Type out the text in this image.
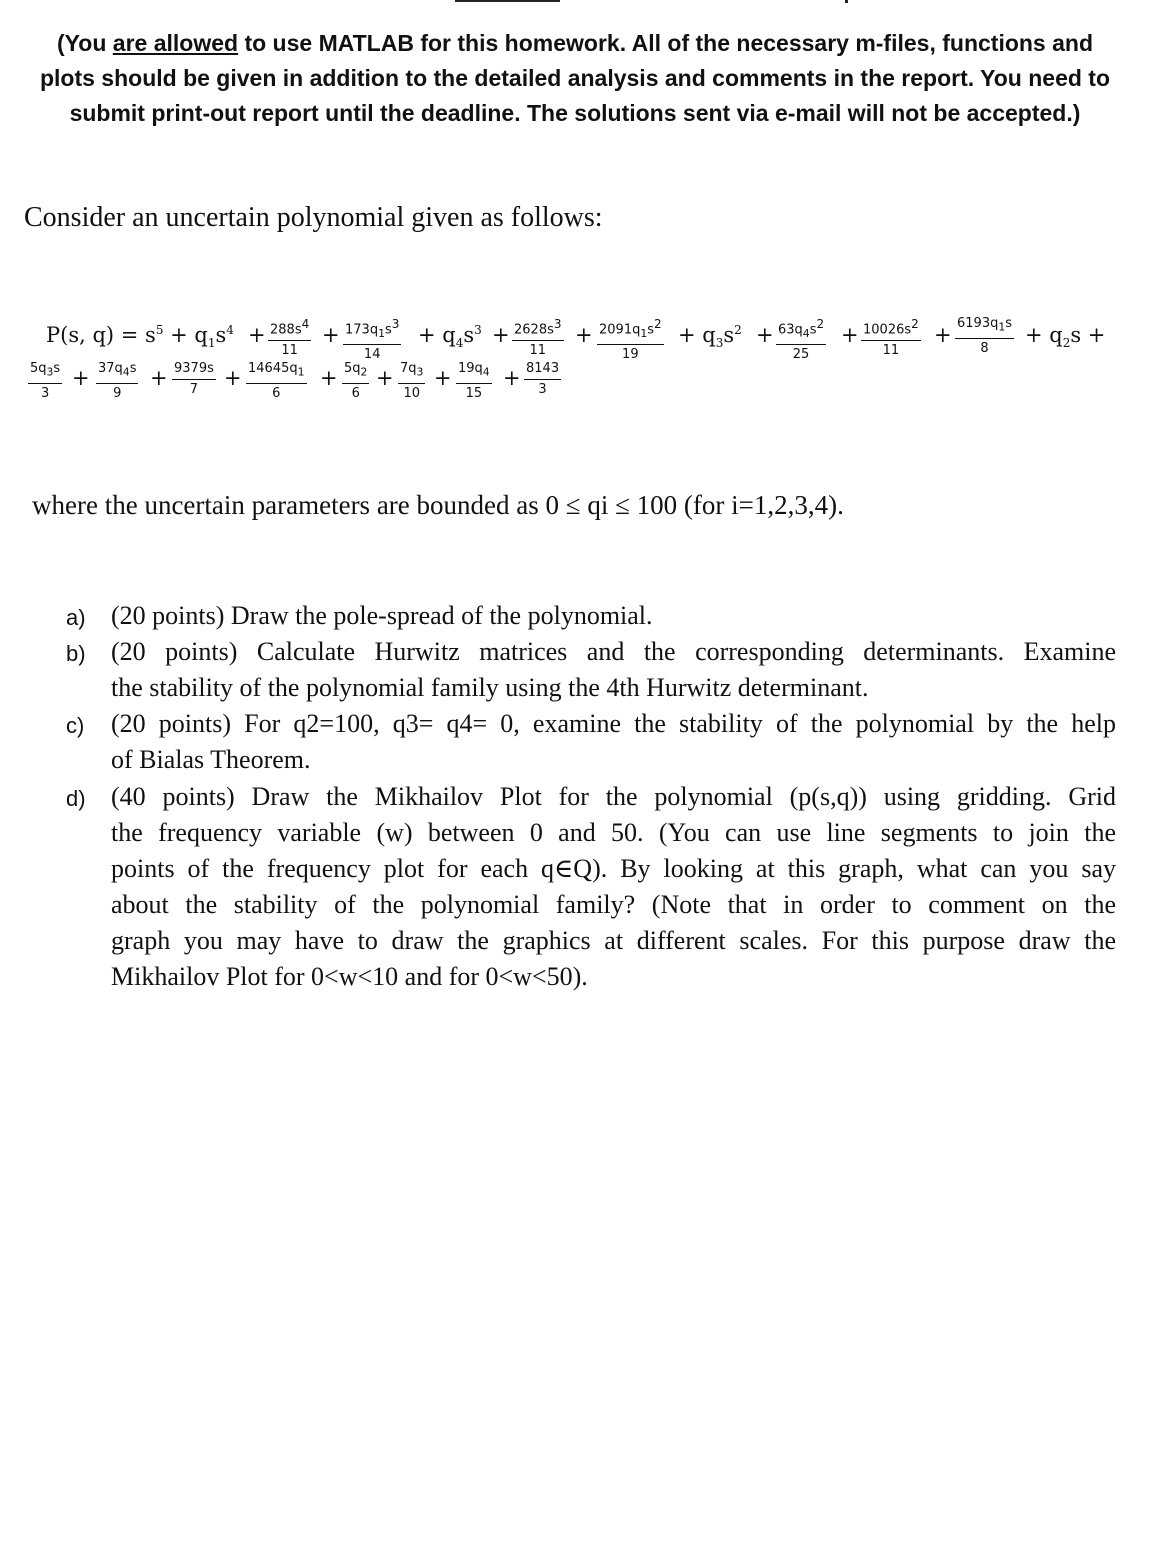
(You are allowed to use MATLAB for this homework. All of the necessary m-files, functions and
plots should be given in addition to the detailed analysis and comments in the report. You need to
submit print-out report until the deadline. The solutions sent via e-mail will not be accepted.)
Consider an uncertain polynomial given as follows:
P(s, $q) = s^5 + q_1s^4 + \frac{288s^4}{11} + \frac{173q_1s^3}{14} + q_4s^3 + \frac{2628s^3}{11} + \frac{2091q_1s^2}{19} + q_3s^2 + \frac{63q_4s^2}{25} + \frac{10026s^2}{11} + \frac{6193q_1s}{8} + q_2s$ +
$\frac{5q_3s}{3} + \frac{37q_4s}{9} + \frac{9379s}{7} + \frac{14645q_1}{6} + \frac{5q_2}{6} + \frac{7q_3}{10} + \frac{19q_4}{15} + \frac{8143}{3}$
where the uncertain parameters are bounded as 0 ≤ qi ≤ 100 (for i=1,2,3,4).
a) (20 points) Draw the pole-spread of the polynomial.
b) (20 points) Calculate Hurwitz matrices and the corresponding determinants. Examine
the stability of the polynomial family using the 4th Hurwitz determinant.
c) (20 points) For q2=100, q3= q4= 0, examine the stability of the polynomial by the help
of Bialas Theorem.
d) (40 points) Draw the Mikhailov Plot for the polynomial (p(s,q)) using gridding. Grid
the frequency variable (w) between 0 and 50. (You can use line segments to join the
points of the frequency plot for each q∈Q). By looking at this graph, what can you say
about the stability of the polynomial family? (Note that in order to comment on the
graph you may have to draw the graphics at different scales. For this purpose draw the
Mikhailov Plot for 0<w<10 and for 0<w<50).
